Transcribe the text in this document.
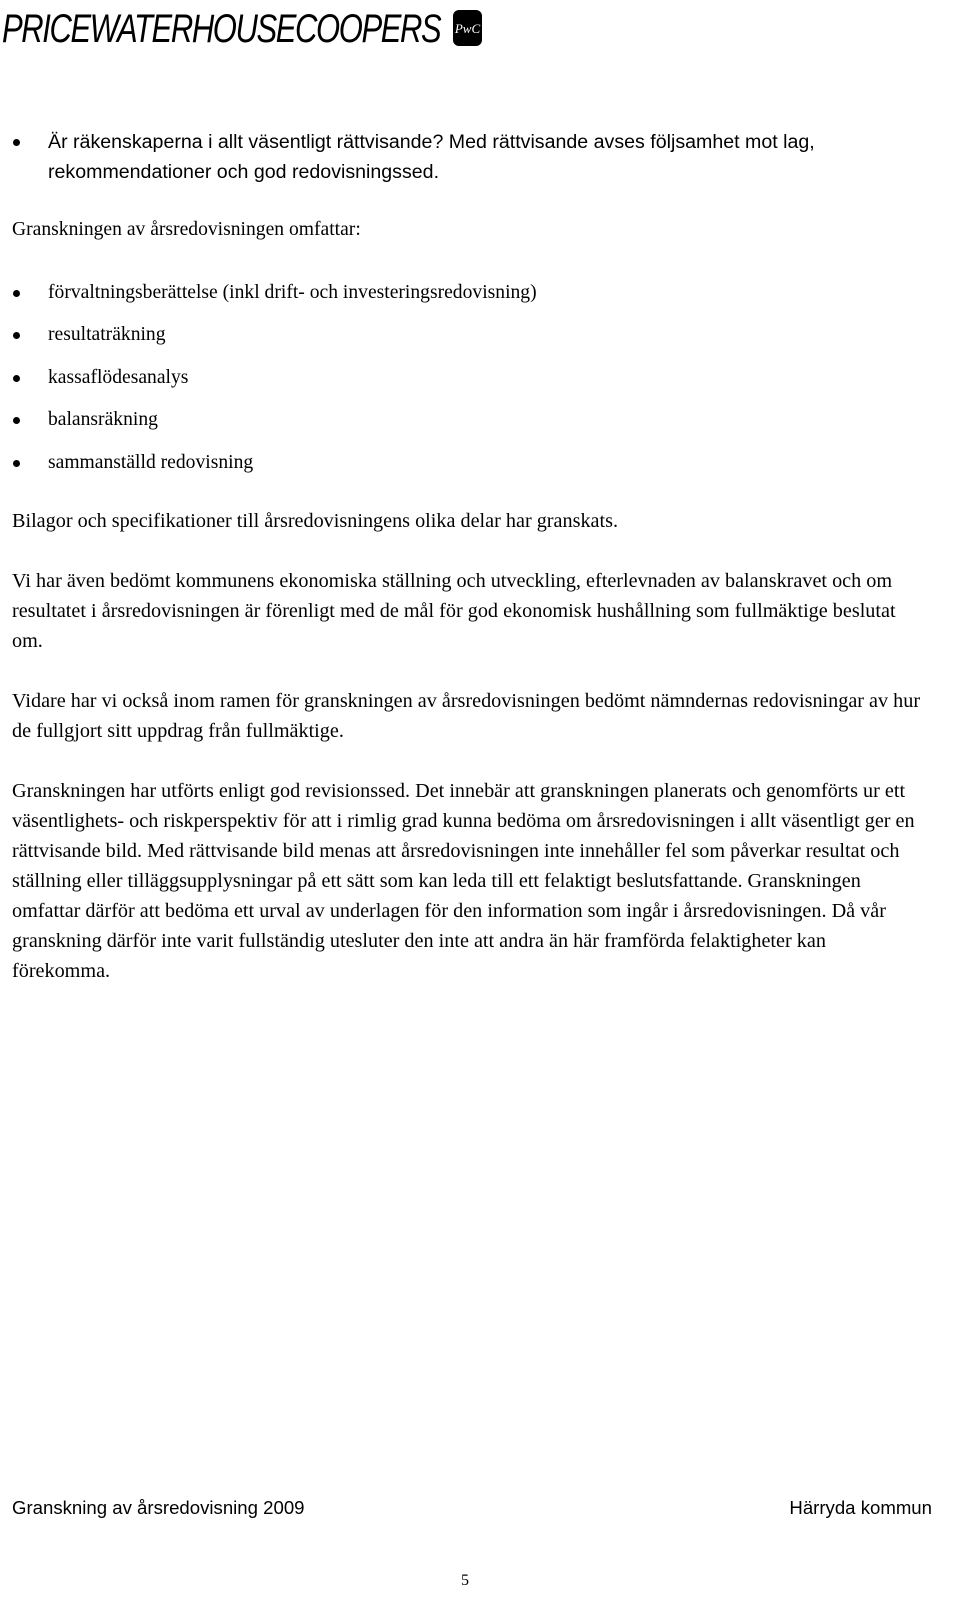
PRICEWATERHOUSECOOPERS PwC
Är räkenskaperna i allt väsentligt rättvisande? Med rättvisande avses följsamhet mot lag, rekommendationer och god redovisningssed.

Granskningen av årsredovisningen omfattar:

förvaltningsberättelse (inkl drift- och investeringsredovisning)
resultaträkning
kassaflödesanalys
balansräkning
sammanställd redovisning

Bilagor och specifikationer till årsredovisningens olika delar har granskats.

Vi har även bedömt kommunens ekonomiska ställning och utveckling, efterlevnaden av balanskravet och om resultatet i årsredovisningen är förenligt med de mål för god ekonomisk hushållning som fullmäktige beslutat om.

Vidare har vi också inom ramen för granskningen av årsredovisningen bedömt nämndernas redovisningar av hur de fullgjort sitt uppdrag från fullmäktige.

Granskningen har utförts enligt god revisionssed. Det innebär att granskningen planerats och genomförts ur ett väsentlighets- och riskperspektiv för att i rimlig grad kunna bedöma om årsredovisningen i allt väsentligt ger en rättvisande bild. Med rättvisande bild menas att årsredovisningen inte innehåller fel som påverkar resultat och ställning eller tilläggsupplysningar på ett sätt som kan leda till ett felaktigt beslutsfattande. Granskningen omfattar därför att bedöma ett urval av underlagen för den information som ingår i årsredovisningen. Då vår granskning därför inte varit fullständig utesluter den inte att andra än här framförda felaktigheter kan förekomma.

Granskning av årsredovisning 2009	Härryda kommun
5
